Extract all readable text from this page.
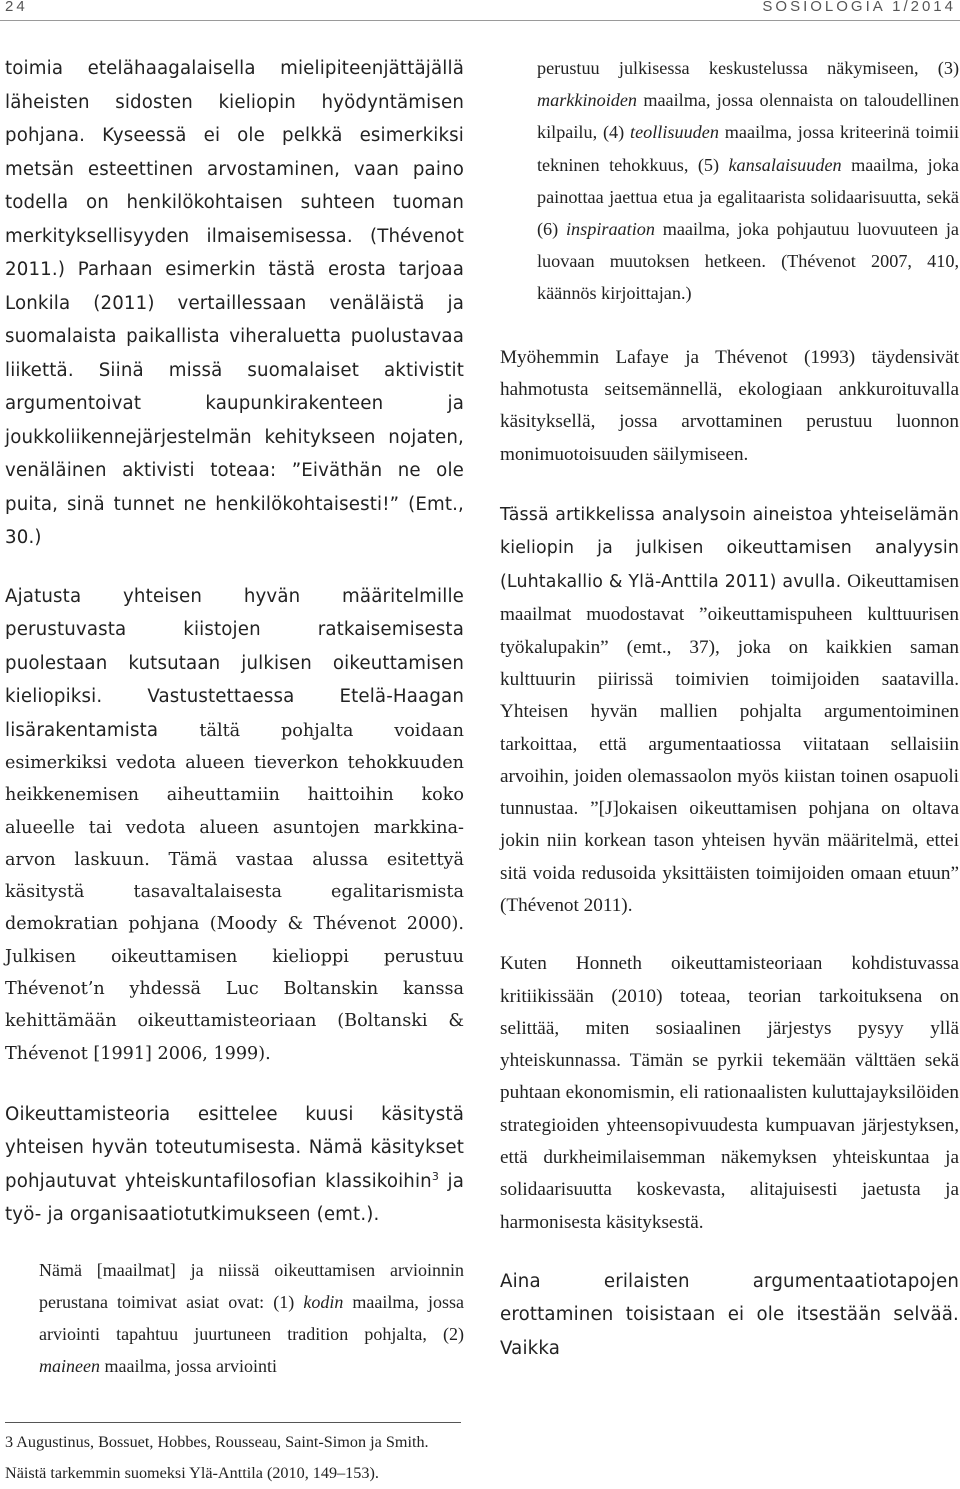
24	SOSIOLOGIA 1/2014

toimia etelähaagalaisella mielipiteenjättäjällä läheisten sidosten kieliopin hyödyntämisen pohjana. Kyseessä ei ole pelkkä esimerkiksi metsän esteettinen arvostaminen, vaan paino todella on henkilökohtaisen suhteen tuoman merkityksellisyyden ilmaisemisessa. (Thévenot 2011.) Parhaan esimerkin tästä erosta tarjoaa Lonkila (2011) vertaillessaan venäläistä ja suomalaista paikallista viheraluetta puolustavaa liikettä. Siinä missä suomalaiset aktivistit argumentoivat kaupunkirakenteen ja joukkoliikennejärjestelmän kehitykseen nojaten, venäläinen aktivisti toteaa: ”Eiväthän ne ole puita, sinä tunnet ne henkilökohtaisesti!” (Emt., 30.)

Ajatusta yhteisen hyvän määritelmille perustuvasta kiistojen ratkaisemisesta puolestaan kutsutaan julkisen oikeuttamisen kieliopiksi. Vastustettaessa Etelä-Haagan lisärakentamista tältä pohjalta voidaan esimerkiksi vedota alueen tieverkon tehokkuuden heikkenemisen aiheuttamiin haittoihin koko alueelle tai vedota alueen asuntojen markkina-arvon laskuun. Tämä vastaa alussa esitettyä käsitystä tasavaltalaisesta egalitarismista demokratian pohjana (Moody & Thévenot 2000). Julkisen oikeuttamisen kielioppi perustuu Thévenot’n yhdessä Luc Boltanskin kanssa kehittämään oikeuttamisteoriaan (Boltanski & Thévenot [1991] 2006, 1999).

Oikeuttamisteoria esittelee kuusi käsitystä yhteisen hyvän toteutumisesta. Nämä käsitykset pohjautuvat yhteiskuntafilosofian klassikoihin$^3$ ja työ- ja organisaatiotutkimukseen (emt.).

Nämä [maailmat] ja niissä oikeuttamisen arvioinnin perustana toimivat asiat ovat: (1) kodin maailma, jossa arviointi tapahtuu juurtuneen tradition pohjalta, (2) maineen maailma, jossa arviointi

3 Augustinus, Bossuet, Hobbes, Rousseau, Saint-Simon ja Smith. Näistä tarkemmin suomeksi Ylä-Anttila (2010, 149–153).

perustuu julkisessa keskustelussa näkymiseen, (3) markkinoiden maailma, jossa olennaista on taloudellinen kilpailu, (4) teollisuuden maailma, jossa kriteerinä toimii tekninen tehokkuus, (5) kansalaisuuden maailma, joka painottaa jaettua etua ja egalitaarista solidaarisuutta, sekä (6) inspiraation maailma, joka pohjautuu luovuuteen ja luovaan muutoksen hetkeen. (Thévenot 2007, 410, käännös kirjoittajan.)

Myöhemmin Lafaye ja Thévenot (1993) täydensivät hahmotusta seitsemännellä, ekologiaan ankkuroituvalla käsityksellä, jossa arvottaminen perustuu luonnon monimuotoisuuden säilymiseen.

Tässä artikkelissa analysoin aineistoa yhteiselämän kieliopin ja julkisen oikeuttamisen analyysin (Luhtakallio & Ylä-Anttila 2011) avulla. Oikeuttamisen maailmat muodostavat ”oikeuttamispuheen kulttuurisen työkalupakin” (emt., 37), joka on kaikkien saman kulttuurin piirissä toimivien toimijoiden saatavilla. Yhteisen hyvän mallien pohjalta argumentoiminen tarkoittaa, että argumentaatiossa viitataan sellaisiin arvoihin, joiden olemassaolon myös kiistan toinen osapuoli tunnustaa. ”[J]okaisen oikeuttamisen pohjana on oltava jokin niin korkean tason yhteisen hyvän määritelmä, ettei sitä voida redusoida yksittäisten toimijoiden omaan etuun” (Thévenot 2011).

Kuten Honneth oikeuttamisteoriaan kohdistuvassa kritiikissään (2010) toteaa, teorian tarkoituksena on selittää, miten sosiaalinen järjestys pysyy yllä yhteiskunnassa. Tämän se pyrkii tekemään välttäen sekä puhtaan ekonomismin, eli rationaalisten kuluttajayksilöiden strategioiden yhteensopivuudesta kumpuavan järjestyksen, että durkheimilaisemman näkemyksen yhteiskuntaa ja solidaarisuutta koskevasta, alitajuisesti jaetusta ja harmonisesta käsityksestä.

Aina erilaisten argumentaatiotapojen erottaminen toisistaan ei ole itsestään selvää. Vaikka
